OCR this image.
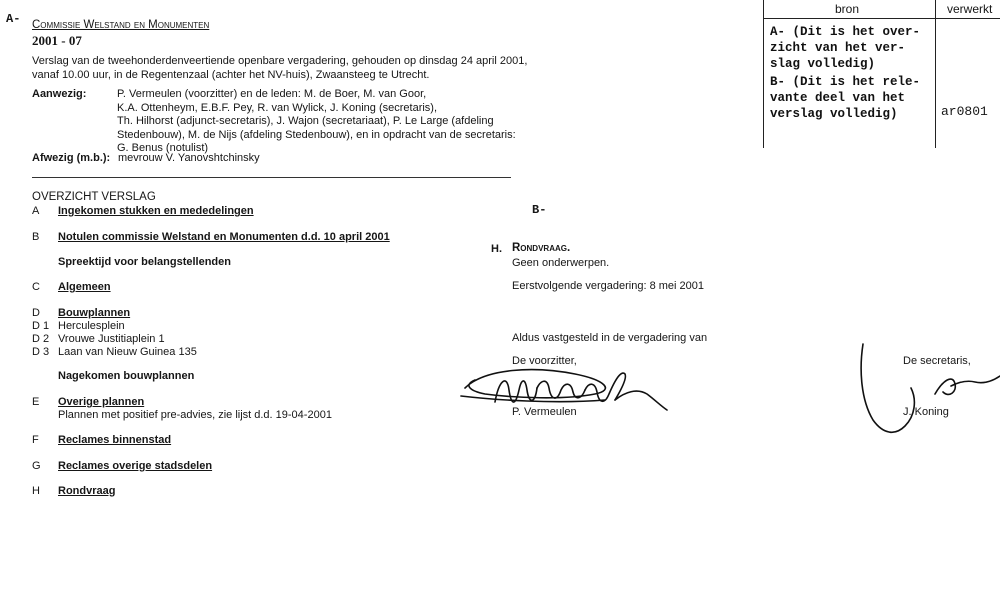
A-
B-
Commissie Welstand en Monumenten
2001 - 07
Verslag van de tweehonderdenveertiende openbare vergadering, gehouden op dinsdag 24 april 2001,
vanaf 10.00 uur, in de Regentenzaal (achter het NV-huis), Zwaansteeg te Utrecht.
Aanwezig:	P. Vermeulen (voorzitter) en de leden: M. de Boer, M. van Goor,
K.A. Ottenheym, E.B.F. Pey, R. van Wylick, J. Koning (secretaris),
Th. Hilhorst (adjunct-secretaris), J. Wajon (secretariaat), P. Le Large (afdeling
Stedenbouw), M. de Nijs (afdeling Stedenbouw), en in opdracht van de secretaris:
G. Benus (notulist)
Afwezig (m.b.): mevrouw V. Yanovshtchinsky
OVERZICHT VERSLAG
A Ingekomen stukken en mededelingen
B Notulen commissie Welstand en Monumenten d.d. 10 april 2001
Spreektijd voor belangstellenden
C Algemeen
D Bouwplannen
D 1 Herculesplein
D 2 Vrouwe Justitiaplein 1
D 3 Laan van Nieuw Guinea 135
Nagekomen bouwplannen
E Overige plannen
Plannen met positief pre-advies, zie lijst d.d. 19-04-2001
F Reclames binnenstad
G Reclames overige stadsdelen
H Rondvraag
H. Rondvraag.
Geen onderwerpen.
Eerstvolgende vergadering: 8 mei 2001
Aldus vastgesteld in de vergadering van
De voorzitter,
P. Vermeulen
De secretaris,
J. Koning
bron	verwerkt
A- (Dit is het over-
zicht van het ver-
slag volledig)
B- (Dit is het rele-
vante deel van het
verslag volledig)	ar0801
